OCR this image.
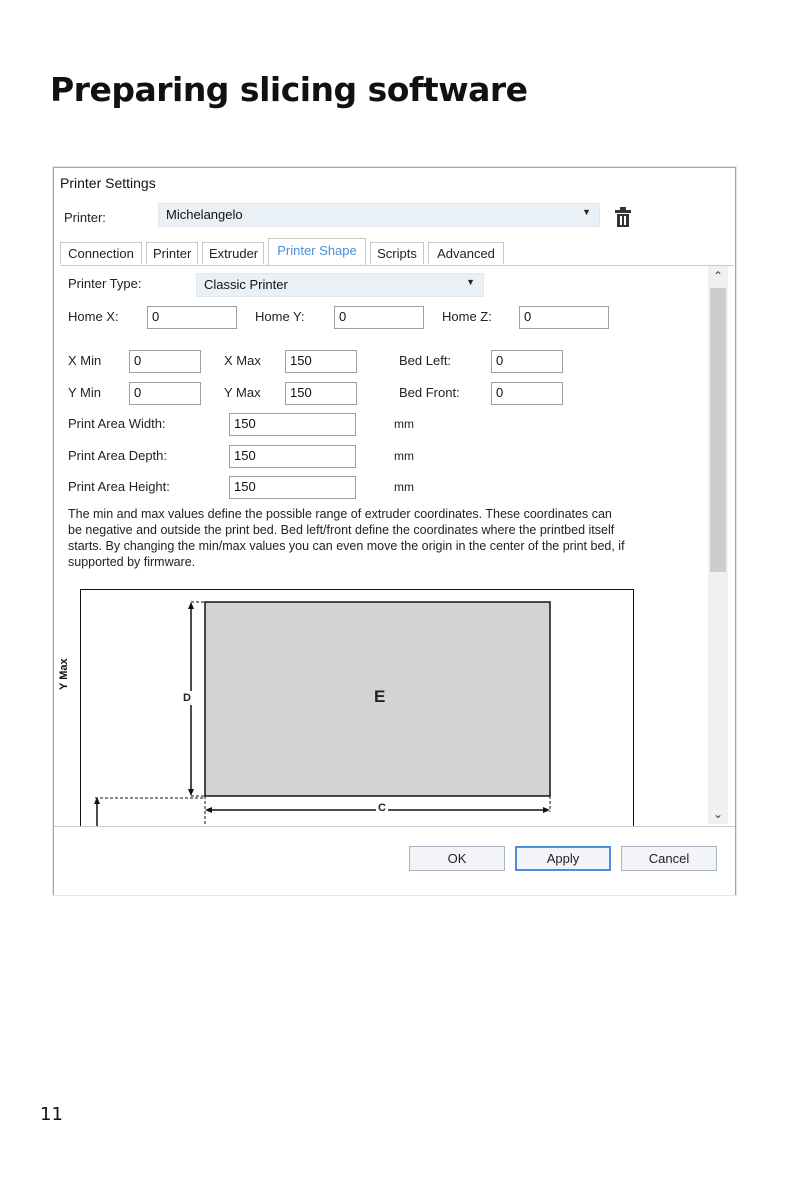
Preparing slicing software
Printer Settings
Printer:	Michelangelo	▼
Connection	Printer	Extruder	Printer Shape	Scripts	Advanced
Printer Type:	Classic Printer	▼
Home X:	0	Home Y:	0	Home Z:	0
X Min	0	X Max	150	Bed Left:	0
Y Min	0	Y Max	150	Bed Front:	0
Print Area Width:	150	mm
Print Area Depth:	150	mm
Print Area Height:	150	mm
The min and max values define the possible range of extruder coordinates. These coordinates can be negative and outside the print bed. Bed left/front define the coordinates where the printbed itself starts. By changing the min/max values you can even move the origin in the center of the print bed, if supported by firmware.
Y Max
E
D
C
⌃
⌄
OK	Apply	Cancel
11
